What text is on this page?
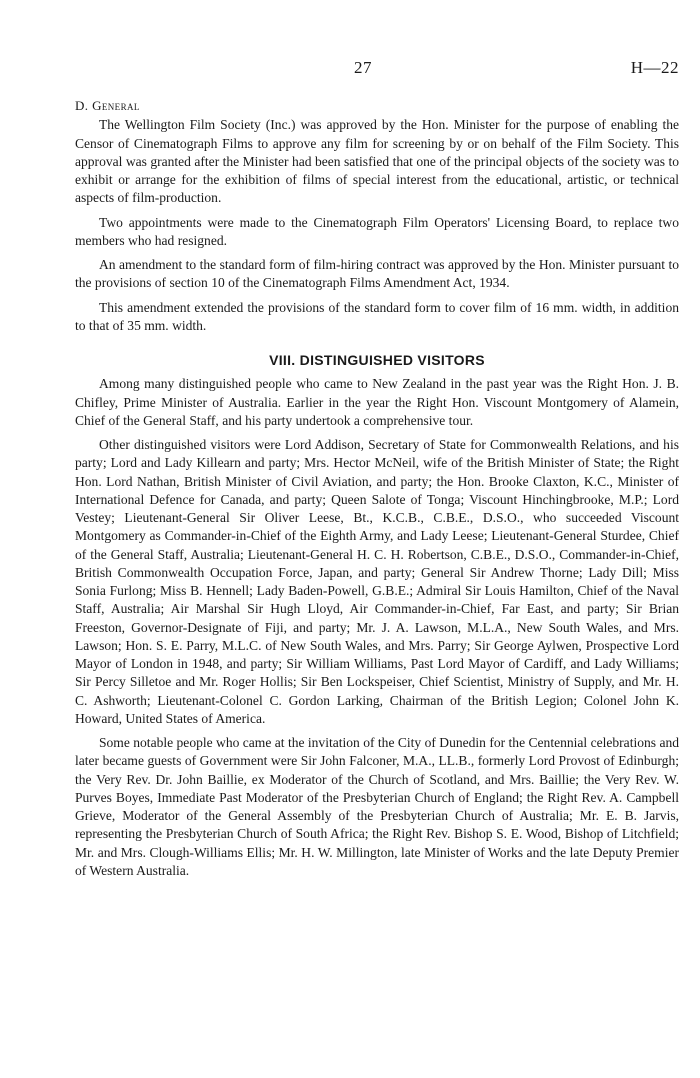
27	H—22
D. General

The Wellington Film Society (Inc.) was approved by the Hon. Minister for the purpose of enabling the Censor of Cinematograph Films to approve any film for screening by or on behalf of the Film Society. This approval was granted after the Minister had been satisfied that one of the principal objects of the society was to exhibit or arrange for the exhibition of films of special interest from the educational, artistic, or technical aspects of film-production.

Two appointments were made to the Cinematograph Film Operators' Licensing Board, to replace two members who had resigned.

An amendment to the standard form of film-hiring contract was approved by the Hon. Minister pursuant to the provisions of section 10 of the Cinematograph Films Amendment Act, 1934.

This amendment extended the provisions of the standard form to cover film of 16 mm. width, in addition to that of 35 mm. width.

VIII. DISTINGUISHED VISITORS

Among many distinguished people who came to New Zealand in the past year was the Right Hon. J. B. Chifley, Prime Minister of Australia. Earlier in the year the Right Hon. Viscount Montgomery of Alamein, Chief of the General Staff, and his party undertook a comprehensive tour.

Other distinguished visitors were Lord Addison, Secretary of State for Commonwealth Relations, and his party; Lord and Lady Killearn and party; Mrs. Hector McNeil, wife of the British Minister of State; the Right Hon. Lord Nathan, British Minister of Civil Aviation, and party; the Hon. Brooke Claxton, K.C., Minister of International Defence for Canada, and party; Queen Salote of Tonga; Viscount Hinchingbrooke, M.P.; Lord Vestey; Lieutenant-General Sir Oliver Leese, Bt., K.C.B., C.B.E., D.S.O., who succeeded Viscount Montgomery as Commander-in-Chief of the Eighth Army, and Lady Leese; Lieutenant-General Sturdee, Chief of the General Staff, Australia; Lieutenant-General H. C. H. Robertson, C.B.E., D.S.O., Commander-in-Chief, British Commonwealth Occupation Force, Japan, and party; General Sir Andrew Thorne; Lady Dill; Miss Sonia Furlong; Miss B. Hennell; Lady Baden-Powell, G.B.E.; Admiral Sir Louis Hamilton, Chief of the Naval Staff, Australia; Air Marshal Sir Hugh Lloyd, Air Commander-in-Chief, Far East, and party; Sir Brian Freeston, Governor-Designate of Fiji, and party; Mr. J. A. Lawson, M.L.A., New South Wales, and Mrs. Lawson; Hon. S. E. Parry, M.L.C. of New South Wales, and Mrs. Parry; Sir George Aylwen, Prospective Lord Mayor of London in 1948, and party; Sir William Williams, Past Lord Mayor of Cardiff, and Lady Williams; Sir Percy Silletoe and Mr. Roger Hollis; Sir Ben Lockspeiser, Chief Scientist, Ministry of Supply, and Mr. H. C. Ashworth; Lieutenant-Colonel C. Gordon Larking, Chairman of the British Legion; Colonel John K. Howard, United States of America.

Some notable people who came at the invitation of the City of Dunedin for the Centennial celebrations and later became guests of Government were Sir John Falconer, M.A., LL.B., formerly Lord Provost of Edinburgh; the Very Rev. Dr. John Baillie, ex Moderator of the Church of Scotland, and Mrs. Baillie; the Very Rev. W. Purves Boyes, Immediate Past Moderator of the Presbyterian Church of England; the Right Rev. A. Campbell Grieve, Moderator of the General Assembly of the Presbyterian Church of Australia; Mr. E. B. Jarvis, representing the Presbyterian Church of South Africa; the Right Rev. Bishop S. E. Wood, Bishop of Litchfield; Mr. and Mrs. Clough-Williams Ellis; Mr. H. W. Millington, late Minister of Works and the late Deputy Premier of Western Australia.
